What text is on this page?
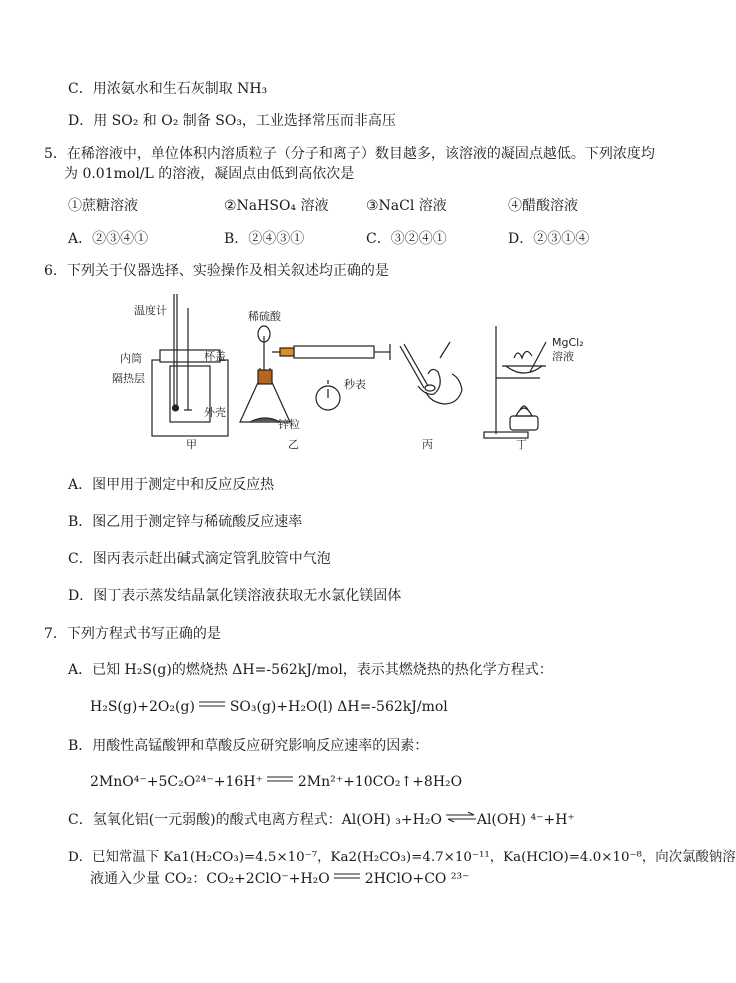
C．用浓氨水和生石灰制取 NH₃
D．用 SO₂ 和 O₂ 制备 SO₃，工业选择常压而非高压
5．在稀溶液中，单位体积内溶质粒子（分子和离子）数目越多，该溶液的凝固点越低。下列浓度均
为 0.01mol/L 的溶液，凝固点由低到高依次是
①蔗糖溶液	②NaHSO₄ 溶液	③NaCl 溶液	④醋酸溶液
A．②③④①	B．②④③①	C．③②④①	D．②③①④
6．下列关于仪器选择、实验操作及相关叙述均正确的是
温度计
内筒
隔热层
杯盖
外壳
甲
稀硫酸
秒表
锌粒
乙	丙
MgCl₂
溶液
丁
A．图甲用于测定中和反应反应热
B．图乙用于测定锌与稀硫酸反应速率
C．图丙表示赶出碱式滴定管乳胶管中气泡
D．图丁表示蒸发结晶氯化镁溶液获取无水氯化镁固体
7．下列方程式书写正确的是
A．已知 H₂S(g)的燃烧热 ΔH=-562kJ/mol，表示其燃烧热的热化学方程式：
H₂S(g)+2O₂(g) SO₃(g)+H₂O(l) ΔH=-562kJ/mol
B．用酸性高锰酸钾和草酸反应研究影响反应速率的因素：
2MnO⁴⁻+5C₂O²⁴⁻+16H⁺ 2Mn²⁺+10CO₂↑+8H₂O
C．氢氧化铝(一元弱酸)的酸式电离方程式：Al(OH) ₃+H₂O ⇌ Al(OH) ⁴⁻+H⁺
D．已知常温下 Ka1(H₂CO₃)=4.5×10⁻⁷，Ka2(H₂CO₃)=4.7×10⁻¹¹，Ka(HClO)=4.0×10⁻⁸，向次氯酸钠溶
液通入少量 CO₂：CO₂+2ClO⁻+H₂O 2HClO+CO ²³⁻
